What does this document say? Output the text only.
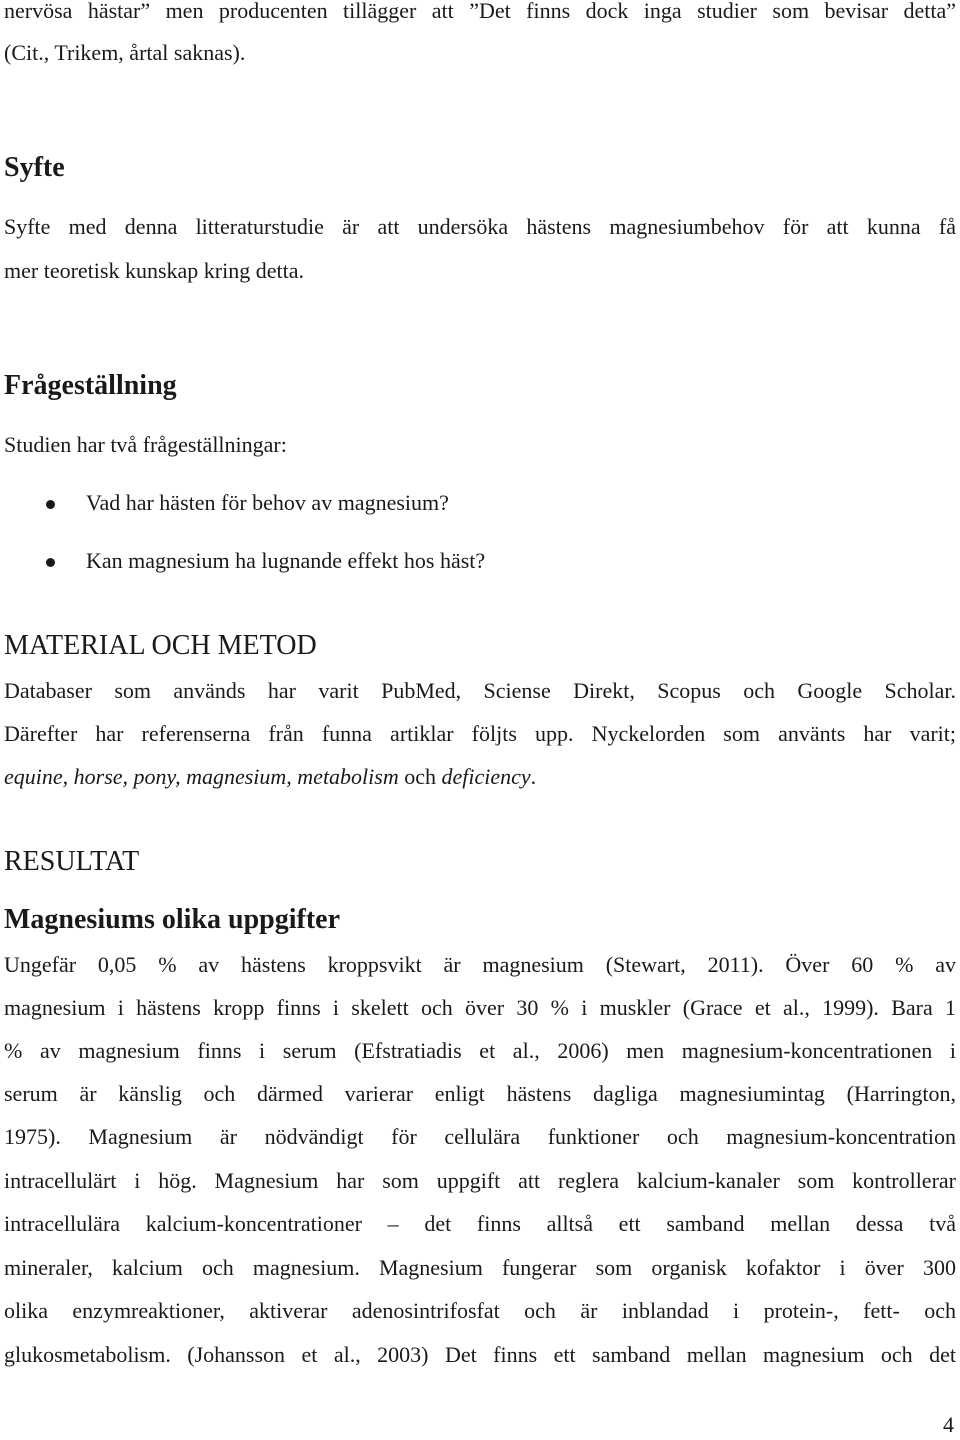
nervösa hästar” men producenten tillägger att ”Det finns dock inga studier som bevisar detta”

(Cit., Trikem, årtal saknas).

Syfte

Syfte med denna litteraturstudie är att undersöka hästens magnesiumbehov för att kunna få

mer teoretisk kunskap kring detta.

Frågeställning

Studien har två frågeställningar:

Vad har hästen för behov av magnesium?

Kan magnesium ha lugnande effekt hos häst?

MATERIAL OCH METOD

Databaser som används har varit PubMed, Sciense Direkt, Scopus och Google Scholar.

Därefter har referenserna från funna artiklar följts upp. Nyckelorden som använts har varit;

equine, horse, pony, magnesium, metabolism och deficiency.

RESULTAT

Magnesiums olika uppgifter

Ungefär 0,05 % av hästens kroppsvikt är magnesium (Stewart, 2011). Över 60 % av

magnesium i hästens kropp finns i skelett och över 30 % i muskler (Grace et al., 1999). Bara 1

% av magnesium finns i serum (Efstratiadis et al., 2006) men magnesium-koncentrationen i

serum är känslig och därmed varierar enligt hästens dagliga magnesiumintag (Harrington,

1975). Magnesium är nödvändigt för cellulära funktioner och magnesium-koncentration

intracellulärt i hög. Magnesium har som uppgift att reglera kalcium-kanaler som kontrollerar

intracellulära kalcium-koncentrationer – det finns alltså ett samband mellan dessa två

mineraler, kalcium och magnesium. Magnesium fungerar som organisk kofaktor i över 300

olika enzymreaktioner, aktiverar adenosintrifosfat och är inblandad i protein-, fett- och

glukosmetabolism. (Johansson et al., 2003) Det finns ett samband mellan magnesium och det

4
